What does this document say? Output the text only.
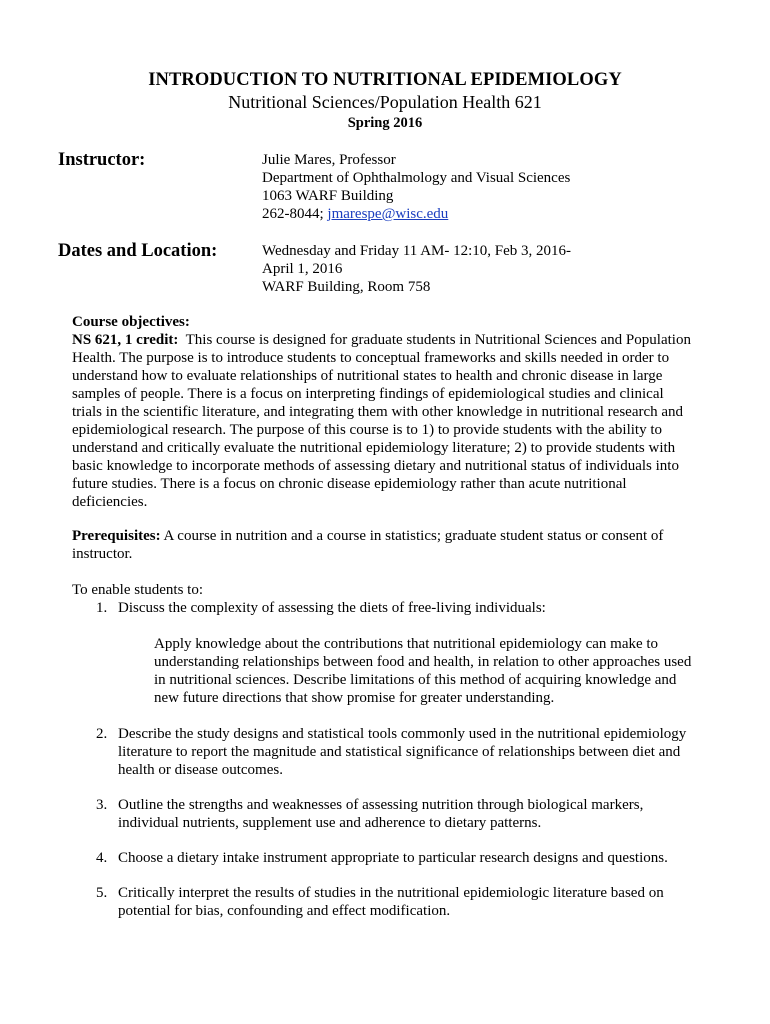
INTRODUCTION TO NUTRITIONAL EPIDEMIOLOGY
Nutritional Sciences/Population Health 621
Spring 2016
Instructor:	Julie Mares, Professor
Department of Ophthalmology and Visual Sciences
1063 WARF Building
262-8044; jmarespe@wisc.edu
Dates and Location:	Wednesday and Friday 11 AM- 12:10, Feb 3, 2016-
April 1, 2016
WARF Building, Room 758
Course objectives:
NS 621, 1 credit: This course is designed for graduate students in Nutritional Sciences and Population
Health. The purpose is to introduce students to conceptual frameworks and skills needed in order to
understand how to evaluate relationships of nutritional states to health and chronic disease in large
samples of people. There is a focus on interpreting findings of epidemiological studies and clinical
trials in the scientific literature, and integrating them with other knowledge in nutritional research and
epidemiological research. The purpose of this course is to 1) to provide students with the ability to
understand and critically evaluate the nutritional epidemiology literature; 2) to provide students with
basic knowledge to incorporate methods of assessing dietary and nutritional status of individuals into
future studies. There is a focus on chronic disease epidemiology rather than acute nutritional
deficiencies.
Prerequisites: A course in nutrition and a course in statistics; graduate student status or consent of
instructor.
To enable students to:
1. Discuss the complexity of assessing the diets of free-living individuals:
2. Describe the study designs and statistical tools commonly used in the nutritional epidemiology
literature to report the magnitude and statistical significance of relationships between diet and
health or disease outcomes.
3. Outline the strengths and weaknesses of assessing nutrition through biological markers,
individual nutrients, supplement use and adherence to dietary patterns.
4. Choose a dietary intake instrument appropriate to particular research designs and questions.
5. Critically interpret the results of studies in the nutritional epidemiologic literature based on
potential for bias, confounding and effect modification.
Apply knowledge about the contributions that nutritional epidemiology can make to
understanding relationships between food and health, in relation to other approaches used
in nutritional sciences. Describe limitations of this method of acquiring knowledge and
new future directions that show promise for greater understanding.
